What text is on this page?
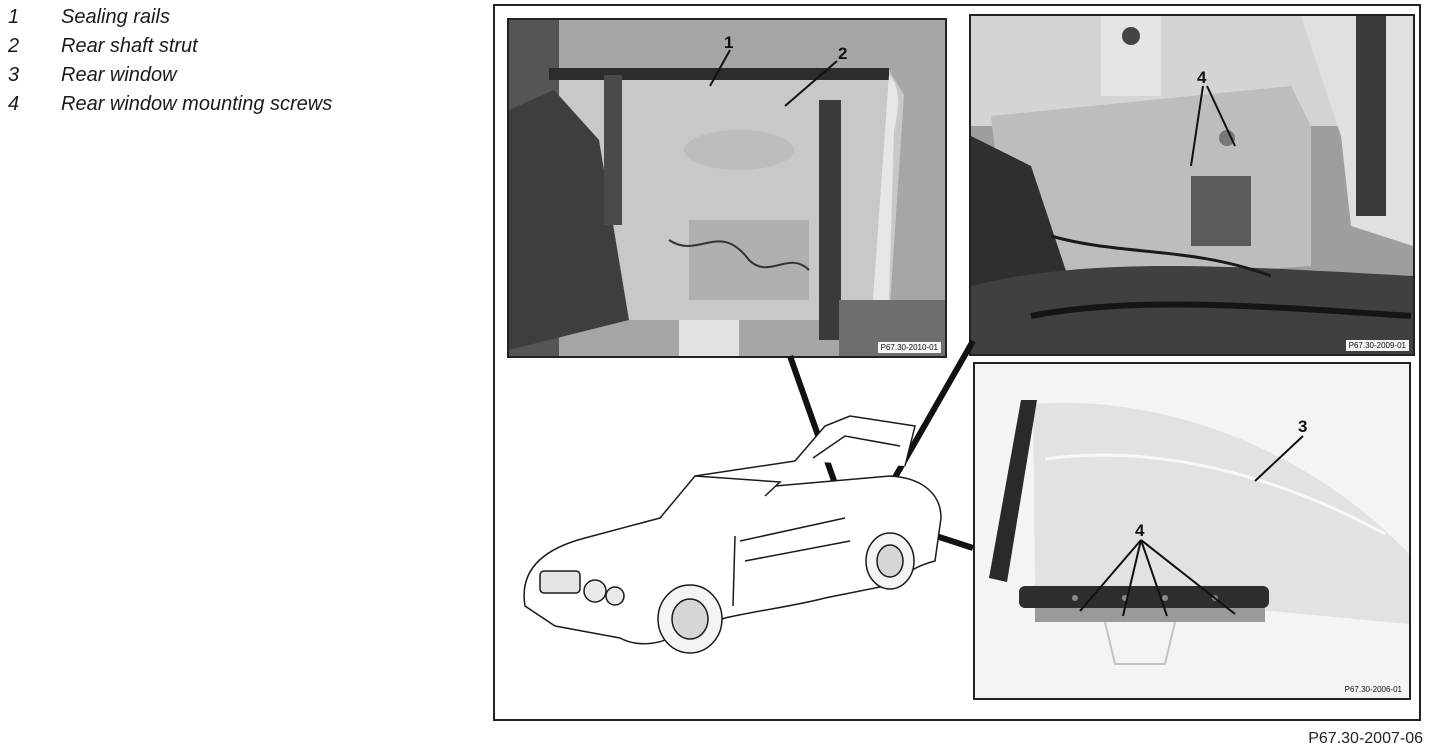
1	Sealing rails
2	Rear shaft strut
3	Rear window
4	Rear window mounting screws
P67.30-2010-01
1
2
P67.30-2009-01
4
P67.30-2006-01
3
4
P67.30-2007-06
